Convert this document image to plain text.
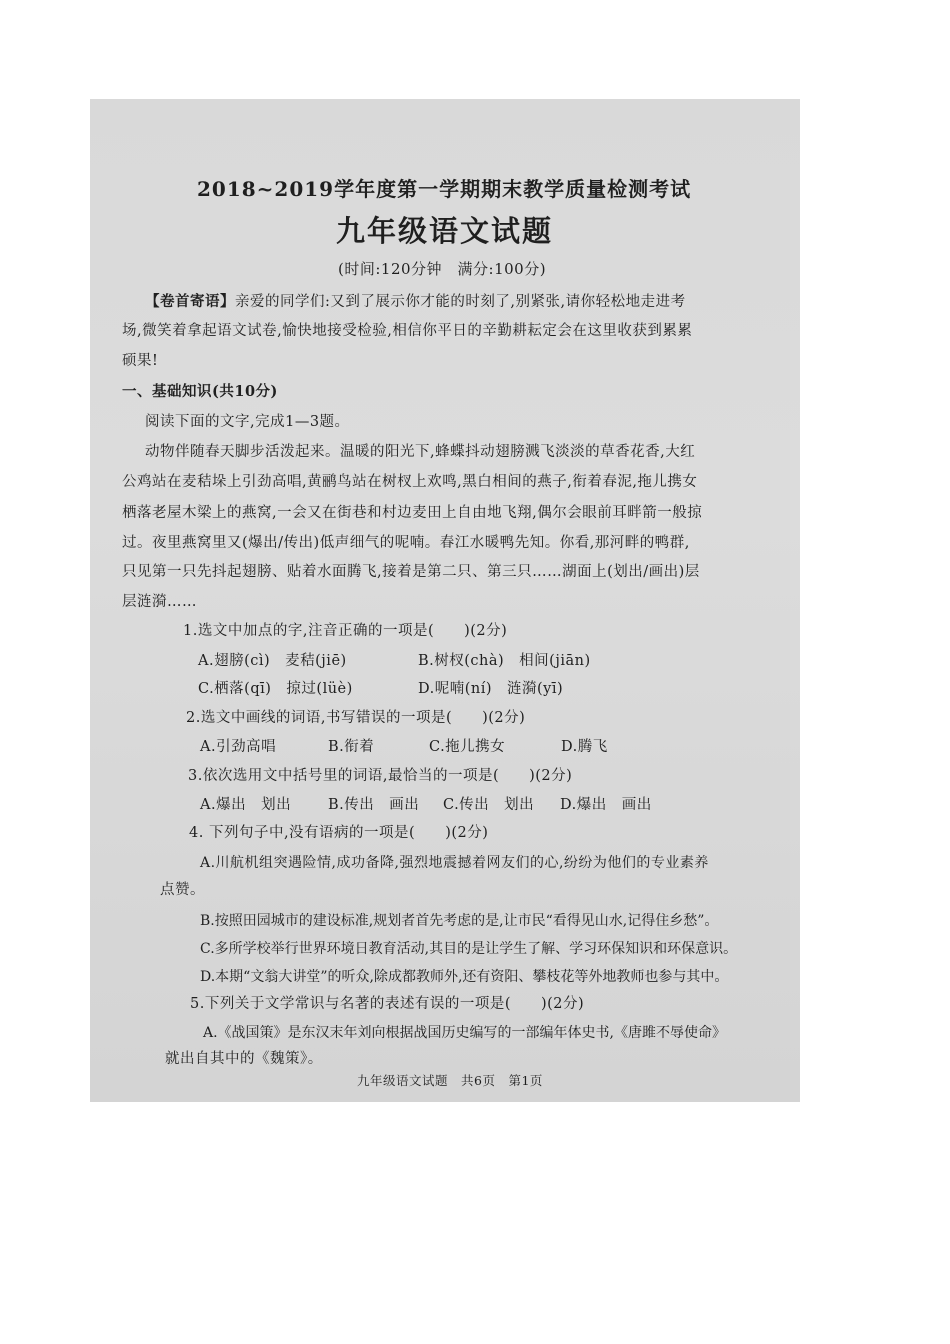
2018~2019学年度第一学期期末教学质量检测考试
九年级语文试题
(时间:120分钟　满分:100分)
【卷首寄语】亲爱的同学们:又到了展示你才能的时刻了,别紧张,请你轻松地走进考
场,微笑着拿起语文试卷,愉快地接受检验,相信你平日的辛勤耕耘定会在这里收获到累累
硕果!
一、基础知识(共10分)
阅读下面的文字,完成1—3题。
动物伴随春天脚步活泼起来。温暖的阳光下,蜂蝶抖动翅膀溅飞淡淡的草香花香,大红
公鸡站在麦秸垛上引劲高唱,黄鹂鸟站在树杈上欢鸣,黑白相间的燕子,衔着春泥,拖儿携女
栖落老屋木梁上的燕窝,一会又在街巷和村边麦田上自由地飞翔,偶尔会眼前耳畔箭一般掠
过。夜里燕窝里又(爆出/传出)低声细气的呢喃。春江水暖鸭先知。你看,那河畔的鸭群,
只见第一只先抖起翅膀、贴着水面腾飞,接着是第二只、第三只……湖面上(划出/画出)层
层涟漪……
1.选文中加点的字,注音正确的一项是(　　)(2分)
A.翅膀(cì)　麦秸(jiē)	B.树杈(chà)　相间(jiān)
C.栖落(qī)　掠过(lüè)	D.呢喃(ní)　涟漪(yī)
2.选文中画线的词语,书写错误的一项是(　　)(2分)
A.引劲高唱	B.衔着	C.拖儿携女	D.腾飞
3.依次选用文中括号里的词语,最恰当的一项是(　　)(2分)
A.爆出　划出	B.传出　画出 C.传出　划出 D.爆出　画出
4. 下列句子中,没有语病的一项是(　　)(2分)
A.川航机组突遇险情,成功备降,强烈地震撼着网友们的心,纷纷为他们的专业素养
点赞。
B.按照田园城市的建设标准,规划者首先考虑的是,让市民“看得见山水,记得住乡愁”。
C.多所学校举行世界环境日教育活动,其目的是让学生了解、学习环保知识和环保意识。
D.本期“文翁大讲堂”的听众,除成都教师外,还有资阳、攀枝花等外地教师也参与其中。
5.下列关于文学常识与名著的表述有误的一项是(　　)(2分)
A.《战国策》是东汉末年刘向根据战国历史编写的一部编年体史书,《唐雎不辱使命》
就出自其中的《魏策》。
九年级语文试题　共6页　第1页
